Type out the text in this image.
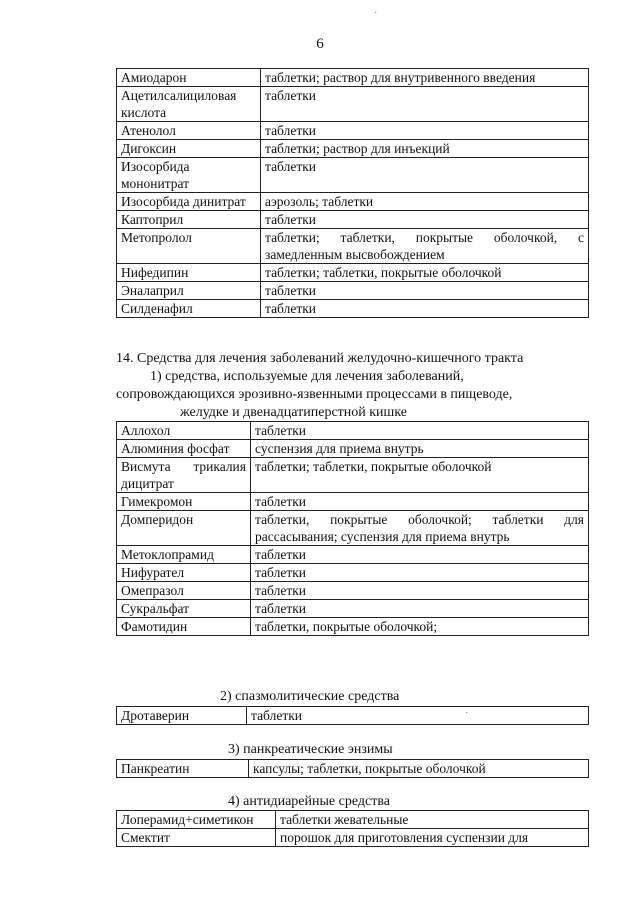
·
6
Амиодарон	таблетки; раствор для внутривенного введения
Ацетилсалициловая кислота	таблетки
Атенолол	таблетки
Дигоксин	таблетки; раствор для инъекций
Изосорбида мононитрат	таблетки
Изосорбида динитрат	аэрозоль; таблетки
Каптоприл	таблетки
Метопролол	таблетки; таблетки, покрытые оболочкой, с замедленным высвобождением
Нифедипин	таблетки; таблетки, покрытые оболочкой
Эналаприл	таблетки
Силденафил	таблетки
14. Средства для лечения заболеваний желудочно-кишечного тракта
1) средства, используемые для лечения заболеваний,
сопровождающихся эрозивно-язвенными процессами в пищеводе,
желудке и двенадцатиперстной кишке
Аллохол	таблетки
Алюминия фосфат	суспензия для приема внутрь
Висмута трикалия дицитрат	таблетки; таблетки, покрытые оболочкой
Гимекромон	таблетки
Домперидон	таблетки, покрытые оболочкой; таблетки для рассасывания; суспензия для приема внутрь
Метоклопрамид	таблетки
Нифурател	таблетки
Омепразол	таблетки
Сукральфат	таблетки
Фамотидин	таблетки, покрытые оболочкой;
2) спазмолитические средства
Дротаверин	таблетки
3) панкреатические энзимы
Панкреатин	капсулы; таблетки, покрытые оболочкой
4) антидиарейные средства
Лоперамид+симетикон	таблетки жевательные
Смектит	порошок для приготовления суспензии для
·
